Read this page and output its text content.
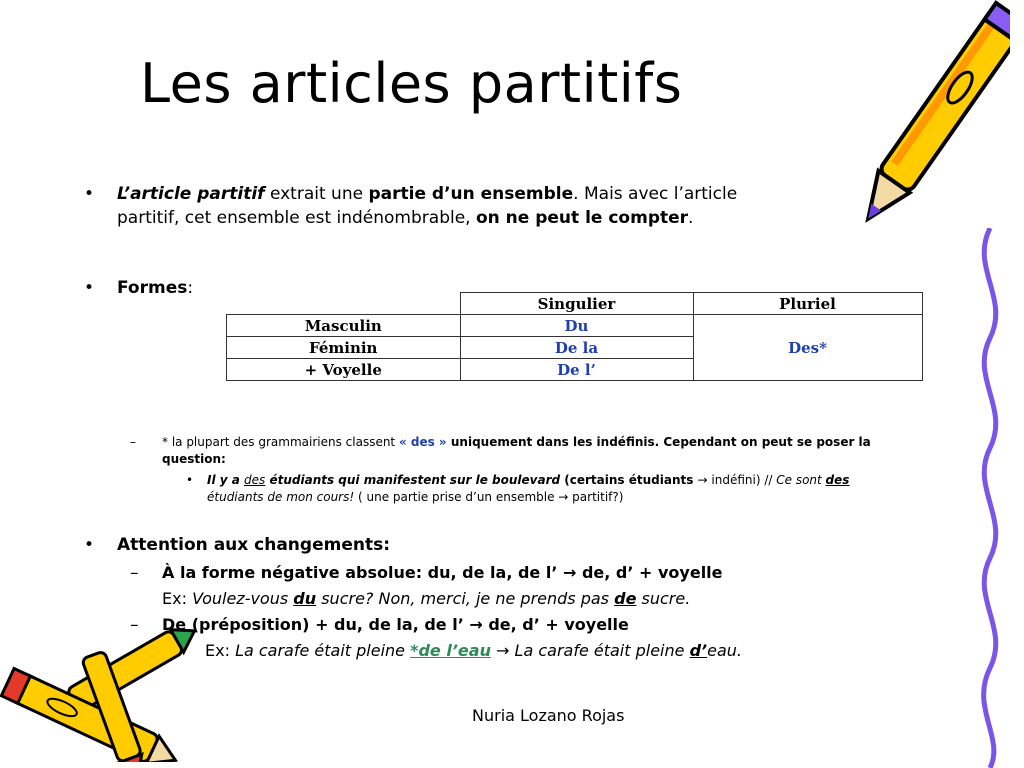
Les articles partitifs
• L’article partitif extrait une partie d’un ensemble. Mais avec l’article
partitif, cet ensemble est indénombrable, on ne peut le compter.
• Formes:
	Singulier	Pluriel
Masculin	Du	Des*
Féminin	De la	
+ Voyelle	De l’	
– * la plupart des grammairiens classent « des » uniquement dans les indéfinis. Cependant on peut se poser la
question:
• Il y a des étudiants qui manifestent sur le boulevard (certains étudiants → indéfini) // Ce sont des
étudiants de mon cours! ( une partie prise d’un ensemble → partitif?)
• Attention aux changements:
– À la forme négative absolue: du, de la, de l’ → de, d’ + voyelle
Ex: Voulez-vous du sucre? Non, merci, je ne prends pas de sucre.
– De (préposition) + du, de la, de l’ → de, d’ + voyelle
Ex: La carafe était pleine *de l’eau → La carafe était pleine d’eau.
Nuria Lozano Rojas
